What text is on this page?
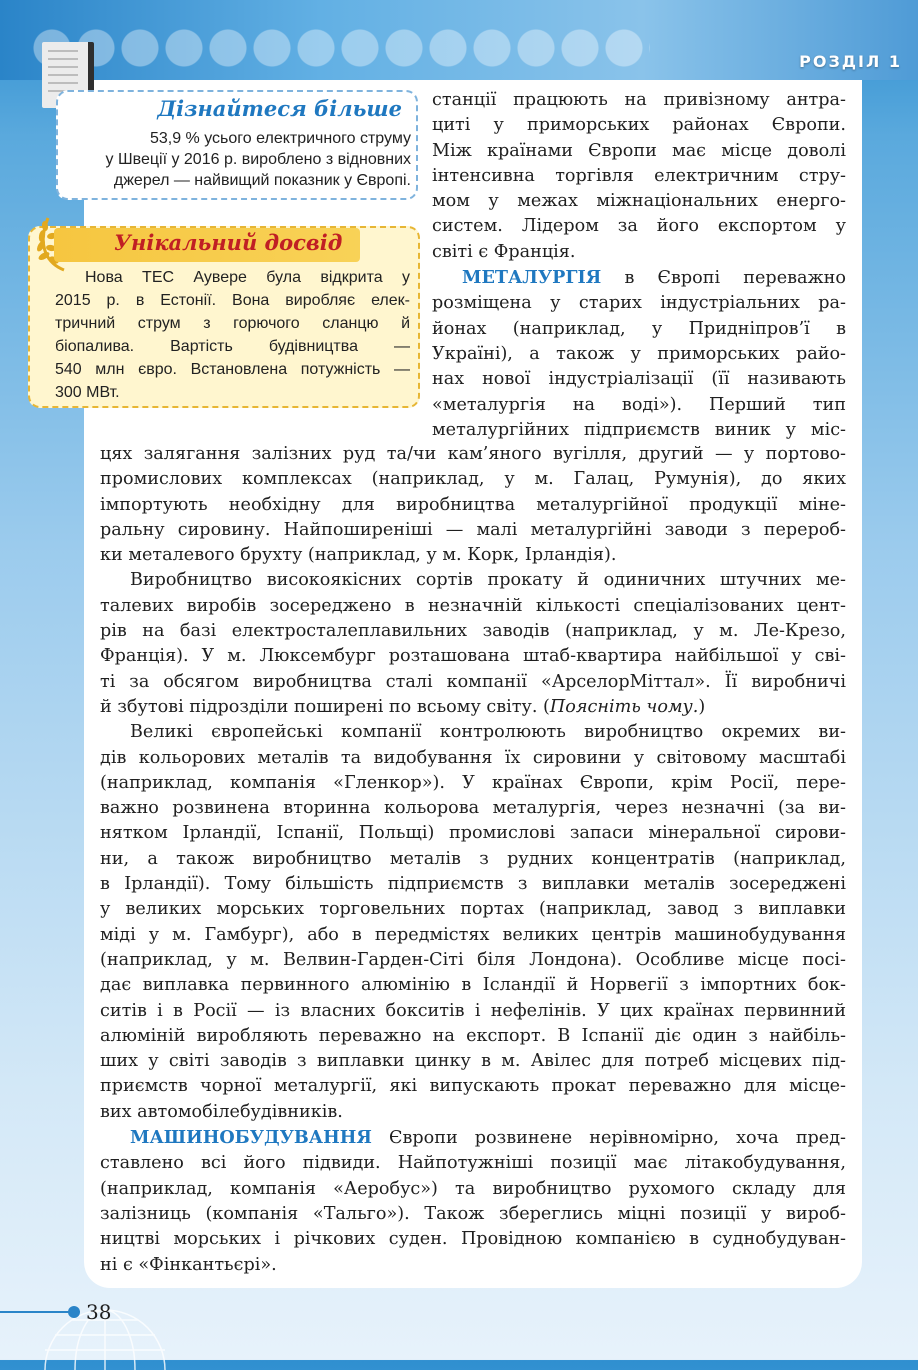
РОЗДІЛ 1
Дізнайтеся більше
53,9 % усього електричного струму
у Швеції у 2016 р. вироблено з відновних
джерел — найвищий показник у Європі.
Унікальний досвід
Нова ТЕС Аувере була відкрита у
2015 р. в Естонії. Вона виробляє елек-
тричний струм з горючого сланцю й
біопалива. Вартість будівництва —
540 млн євро. Встановлена потужність —
300 МВт.
станції працюють на привізному антра-
циті у приморських районах Європи.
Між країнами Європи має місце доволі
інтенсивна торгівля електричним стру-
мом у межах міжнаціональних енерго-
систем. Лідером за його експортом у
світі є Франція.
МЕТАЛУРГІЯ в Європі переважно
розміщена у старих індустріальних ра-
йонах (наприклад, у Придніпров’ї в
Україні), а також у приморських райо-
нах нової індустріалізації (її називають
«металургія на воді»). Перший тип
металургійних підприємств виник у міс-
цях залягання залізних руд та/чи кам’яного вугілля, другий — у портово-
промислових комплексах (наприклад, у м. Галац, Румунія), до яких
імпортують необхідну для виробництва металургійної продукції міне-
ральну сировину. Найпоширеніші — малі металургійні заводи з перероб-
ки металевого брухту (наприклад, у м. Корк, Ірландія).
Виробництво високоякісних сортів прокату й одиничних штучних ме-
талевих виробів зосереджено в незначній кількості спеціалізованих цент-
рів на базі електросталеплавильних заводів (наприклад, у м. Ле-Крезо,
Франція). У м. Люксембург розташована штаб-квартира найбільшої у сві-
ті за обсягом виробництва сталі компанії «АрселорМіттал». Її виробничі
й збутові підрозділи поширені по всьому світу. (Поясніть чому.)
Великі європейські компанії контролюють виробництво окремих ви-
дів кольорових металів та видобування їх сировини у світовому масштабі
(наприклад, компанія «Гленкор»). У країнах Європи, крім Росії, пере-
важно розвинена вторинна кольорова металургія, через незначні (за ви-
нятком Ірландії, Іспанії, Польщі) промислові запаси мінеральної сирови-
ни, а також виробництво металів з рудних концентратів (наприклад,
в Ірландії). Тому більшість підприємств з виплавки металів зосереджені
у великих морських торговельних портах (наприклад, завод з виплавки
міді у м. Гамбург), або в передмістях великих центрів машинобудування
(наприклад, у м. Велвин-Гарден-Сіті біля Лондона). Особливе місце посі-
дає виплавка первинного алюмінію в Ісландії й Норвегії з імпортних бок-
ситів і в Росії — із власних бокситів і нефелінів. У цих країнах первинний
алюміній виробляють переважно на експорт. В Іспанії діє один з найбіль-
ших у світі заводів з виплавки цинку в м. Авілес для потреб місцевих під-
приємств чорної металургії, які випускають прокат переважно для місце-
вих автомобілебудівників.
МАШИНОБУДУВАННЯ Європи розвинене нерівномірно, хоча пред-
ставлено всі його підвиди. Найпотужніші позиції має літакобудування,
(наприклад, компанія «Аеробус») та виробництво рухомого складу для
залізниць (компанія «Тальго»). Також збереглись міцні позиції у вироб-
ництві морських і річкових суден. Провідною компанією в суднобудуван-
ні є «Фінкантьєрі».
38
